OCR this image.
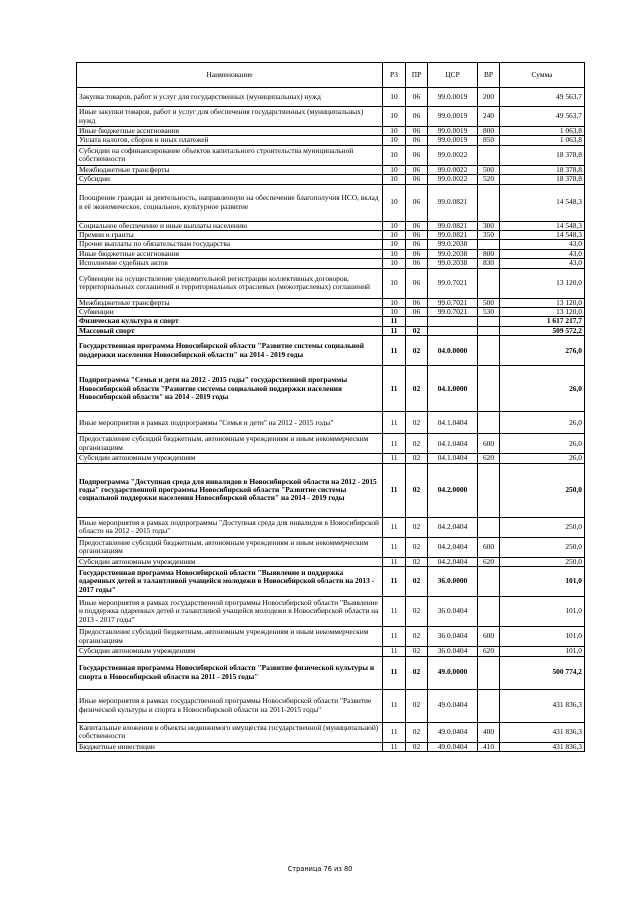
Наименование	РЗ	ПР	ЦСР	ВР	Сумма
Закупка товаров, работ и услуг для государственных (муниципальных) нужд	10	06	99.0.0019	200	49 563,7
Иные закупки товаров, работ и услуг для обеспечения государственных (муниципальных) нужд	10	06	99.0.0019	240	49 563,7
Иные бюджетные ассигнования	10	06	99.0.0019	800	1 063,8
Уплата налогов, сборов и иных платежей	10	06	99.0.0019	850	1 063,8
Субсидии на софинансирование объектов капитального строительства муниципальной собственности	10	06	99.0.0022		18 378,8
Межбюджетные трансферты	10	06	99.0.0022	500	18 378,8
Субсидии	10	06	99.0.0022	520	18 378,8
Поощрение граждан за деятельность, направленную на обеспечение благополучия НСО, вклад в её экономическое, социальное, культурное развитие	10	06	99.0.0821		14 548,3
Социальное обеспечение и иные выплаты населению	10	06	99.0.0821	300	14 548,3
Премии и гранты	10	06	99.0.0821	350	14 548,3
Прочие выплаты по обязательствам государства	10	06	99.0.2038		43,0
Иные бюджетные ассигнования	10	06	99.0.2038	800	43,0
Исполнение судебных актов	10	06	99.0.2038	830	43,0
Субвенции на осуществление уведомительной регистрации коллективных договоров, территориальных соглашений и территориальных отраслевых (межотраслевых) соглашений	10	06	99.0.7021		13 120,0
Межбюджетные трансферты	10	06	99.0.7021	500	13 120,0
Субвенции	10	06	99.0.7021	530	13 120,0
Физическая культура и спорт	11				1 617 217,7
Массовый спорт	11	02			509 572,2
Государственная программа Новосибирской области "Развитие системы социальной поддержки населения Новосибирской области" на 2014 - 2019 годы	11	02	04.0.0000		276,0
Подпрограмма "Семья и дети на 2012 - 2015 годы" государственной программы Новосибирской области "Развитие системы социальной поддержки населения Новосибирской области" на 2014 - 2019 годы	11	02	04.1.0000		26,0
Иные мероприятия в рамках подпрограммы "Семья и дети" на 2012 - 2015 годы"	11	02	04.1.0404		26,0
Предоставление субсидий бюджетным, автономным учреждениям и иным некоммерческим организациям	11	02	04.1.0404	600	26,0
Субсидии автономным учреждениям	11	02	04.1.0404	620	26,0
Подпрограмма "Доступная среда для инвалидов в Новосибирской области на 2012 - 2015 годы" государственной программы Новосибирской области "Развитие системы социальной поддержки населения Новосибирской области" на 2014 - 2019 годы	11	02	04.2.0000		250,0
Иные мероприятия в рамках подпрограммы "Доступная среда для инвалидов в Новосибирской области на 2012 - 2015 годы"	11	02	04.2.0404		250,0
Предоставление субсидий бюджетным, автономным учреждениям и иным некоммерческим организациям	11	02	04.2.0404	600	250,0
Субсидии автономным учреждениям	11	02	04.2.0404	620	250,0
Государственная программа Новосибирской области "Выявление и поддержка одаренных детей и талантливой учащейся молодежи в Новосибирской области на 2013 - 2017 годы"	11	02	36.0.0000		101,0
Иные мероприятия в рамках государственной программы Новосибирской области "Выявление и поддержка одаренных детей и талантливой учащейся молодежи в Новосибирской области на 2013 - 2017 годы"	11	02	36.0.0404		101,0
Предоставление субсидий бюджетным, автономным учреждениям и иным некоммерческим организациям	11	02	36.0.0404	600	101,0
Субсидии автономным учреждениям	11	02	36.0.0404	620	101,0
Государственная программа Новосибирской области "Развитие физической культуры и спорта в Новосибирской области на 2011 - 2015 годы"	11	02	49.0.0000		500 774,2
Иные мероприятия в рамках государственной программы Новосибирской области "Развитие физической культуры и спорта в Новосибирской области на 2011-2015 годы"	11	02	49.0.0404		431 836,3
Капитальные вложения в объекты недвижимого имущества государственной (муниципальной) собственности	11	02	49.0.0404	400	431 836,3
Бюджетные инвестиции	11	02	49.0.0404	410	431 836,3
Страница 76 из 80
